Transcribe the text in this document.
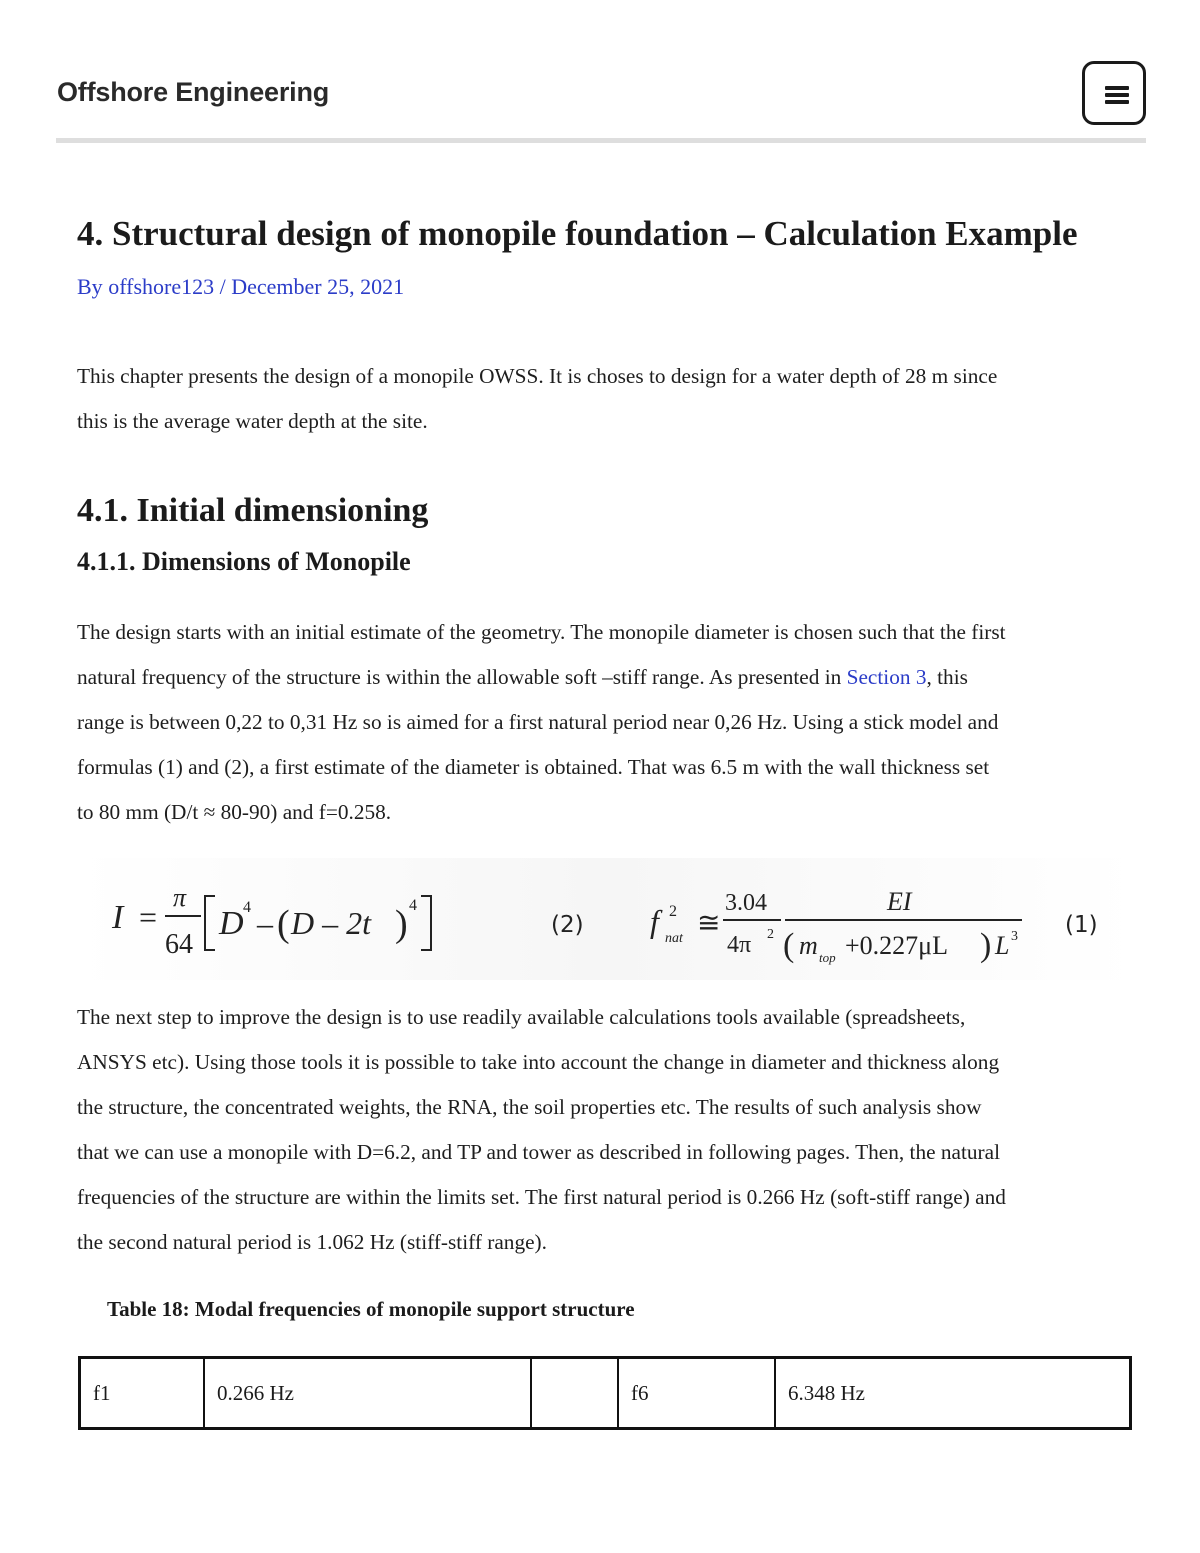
Offshore Engineering
4. Structural design of monopile foundation – Calculation Example
By offshore123 / December 25, 2021

This chapter presents the design of a monopile OWSS. It is choses to design for a water depth of 28 m since
this is the average water depth at the site.

4.1. Initial dimensioning
4.1.1. Dimensions of Monopile

The design starts with an initial estimate of the geometry. The monopile diameter is chosen such that the first
natural frequency of the structure is within the allowable soft –stiff range. As presented in Section 3, this
range is between 0,22 to 0,31 Hz so is aimed for a first natural period near 0,26 Hz. Using a stick model and
formulas (1) and (2), a first estimate of the diameter is obtained. That was 6.5 m with the wall thickness set
to 80 mm (D/t ≈ 80-90) and f=0.258.

I =
π
64
D 4 – ( D – 2t ) 4
(2) f 2
nat ≅
3.04
4π 2
EI
( m top +0.227μL ) L 3 (1)

The next step to improve the design is to use readily available calculations tools available (spreadsheets,
ANSYS etc). Using those tools it is possible to take into account the change in diameter and thickness along
the structure, the concentrated weights, the RNA, the soil properties etc. The results of such analysis show
that we can use a monopile with D=6.2, and TP and tower as described in following pages. Then, the natural
frequencies of the structure are within the limits set. The first natural period is 0.266 Hz (soft-stiff range) and
the second natural period is 1.062 Hz (stiff-stiff range).

Table 18: Modal frequencies of monopile support structure

f1	0.266 Hz		f6	6.348 Hz
